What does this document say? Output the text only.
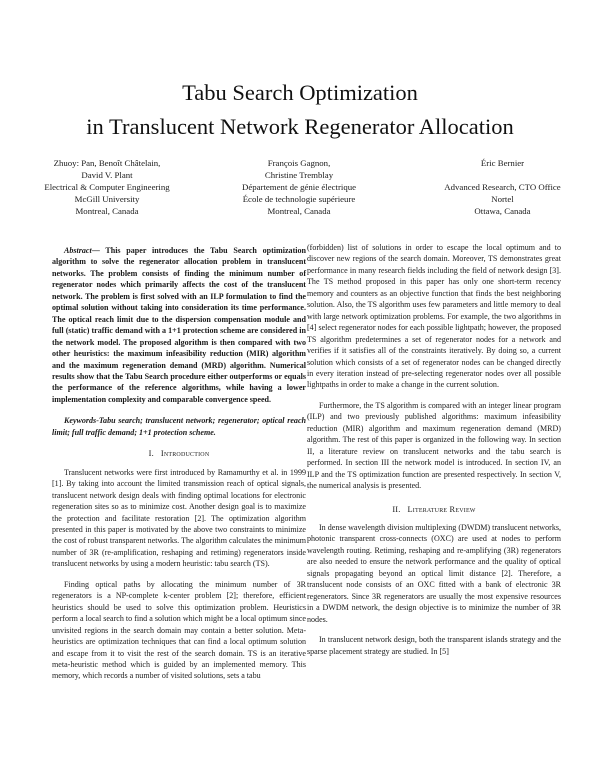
Tabu Search Optimization
in Translucent Network Regenerator Allocation
Zhuoy: Pan, Benoît Châtelain,
David V. Plant
Electrical & Computer Engineering
McGill University
Montreal, Canada
François Gagnon,
Christine Tremblay
Département de génie électrique
École de technologie supérieure
Montreal, Canada
Éric Bernier
Advanced Research, CTO Office
Nortel
Ottawa, Canada

Abstract— This paper introduces the Tabu Search optimization algorithm to solve the regenerator allocation problem in translucent networks. The problem consists of finding the minimum number of regenerator nodes which primarily affects the cost of the translucent network. The problem is first solved with an ILP formulation to find the optimal solution without taking into consideration its time performance. The optical reach limit due to the dispersion compensation module and full (static) traffic demand with a 1+1 protection scheme are considered in the network model. The proposed algorithm is then compared with two other heuristics: the maximum infeasibility reduction (MIR) algorithm and the maximum regeneration demand (MRD) algorithm. Numerical results show that the Tabu Search procedure either outperforms or equals the performance of the reference algorithms, while having a lower implementation complexity and comparable convergence speed.

Keywords-Tabu search; translucent network; regenerator; optical reach limit; full traffic demand; 1+1 protection scheme.

I. Introduction

Translucent networks were first introduced by Ramamurthy et al. in 1999 [1]. By taking into account the limited transmission reach of optical signals, translucent network design deals with finding optimal locations for electronic regeneration sites so as to minimize cost. Another design goal is to maximize the protection and facilitate restoration [2]. The optimization algorithm presented in this paper is motivated by the above two constraints to minimize the cost of robust transparent networks. The algorithm calculates the minimum number of 3R (re-amplification, reshaping and retiming) regenerators inside translucent networks by using a modern heuristic: tabu search (TS).

Finding optical paths by allocating the minimum number of 3R regenerators is a NP-complete k-center problem [2]; therefore, efficient heuristics should be used to solve this optimization problem. Heuristics perform a local search to find a solution which might be a local optimum since unvisited regions in the search domain may contain a better solution. Meta-heuristics are optimization techniques that can find a local optimum solution and escape from it to visit the rest of the search domain. TS is an iterative meta-heuristic method which is guided by an implemented memory. This memory, which records a number of visited solutions, sets a tabu

(forbidden) list of solutions in order to escape the local optimum and to discover new regions of the search domain. Moreover, TS demonstrates great performance in many research fields including the field of network design [3]. The TS method proposed in this paper has only one short-term recency memory and counters as an objective function that finds the best neighboring solution. Also, the TS algorithm uses few parameters and little memory to deal with large network optimization problems. For example, the two algorithms in [4] select regenerator nodes for each possible lightpath; however, the proposed TS algorithm predetermines a set of regenerator nodes for a network and verifies if it satisfies all of the constraints iteratively. By doing so, a current solution which consists of a set of regenerator nodes can be changed directly in every iteration instead of pre-selecting regenerator nodes over all possible lightpaths in order to make a change in the current solution.

Furthermore, the TS algorithm is compared with an integer linear program (ILP) and two previously published algorithms: maximum infeasibility reduction (MIR) algorithm and maximum regeneration demand (MRD) algorithm. The rest of this paper is organized in the following way. In section II, a literature review on translucent networks and the tabu search is performed. In section III the network model is introduced. In section IV, an ILP and the TS optimization function are presented respectively. In section V, the numerical analysis is presented.

II. Literature Review

In dense wavelength division multiplexing (DWDM) translucent networks, photonic transparent cross-connects (OXC) are used at nodes to perform wavelength routing. Retiming, reshaping and re-amplifying (3R) regenerators are also needed to ensure the network performance and the quality of optical signals propagating beyond an optical limit distance [2]. Therefore, a translucent node consists of an OXC fitted with a bank of electronic 3R regenerators. Since 3R regenerators are usually the most expensive resources in a DWDM network, the design objective is to minimize the number of 3R nodes.

In translucent network design, both the transparent islands strategy and the sparse placement strategy are studied. In [5]
